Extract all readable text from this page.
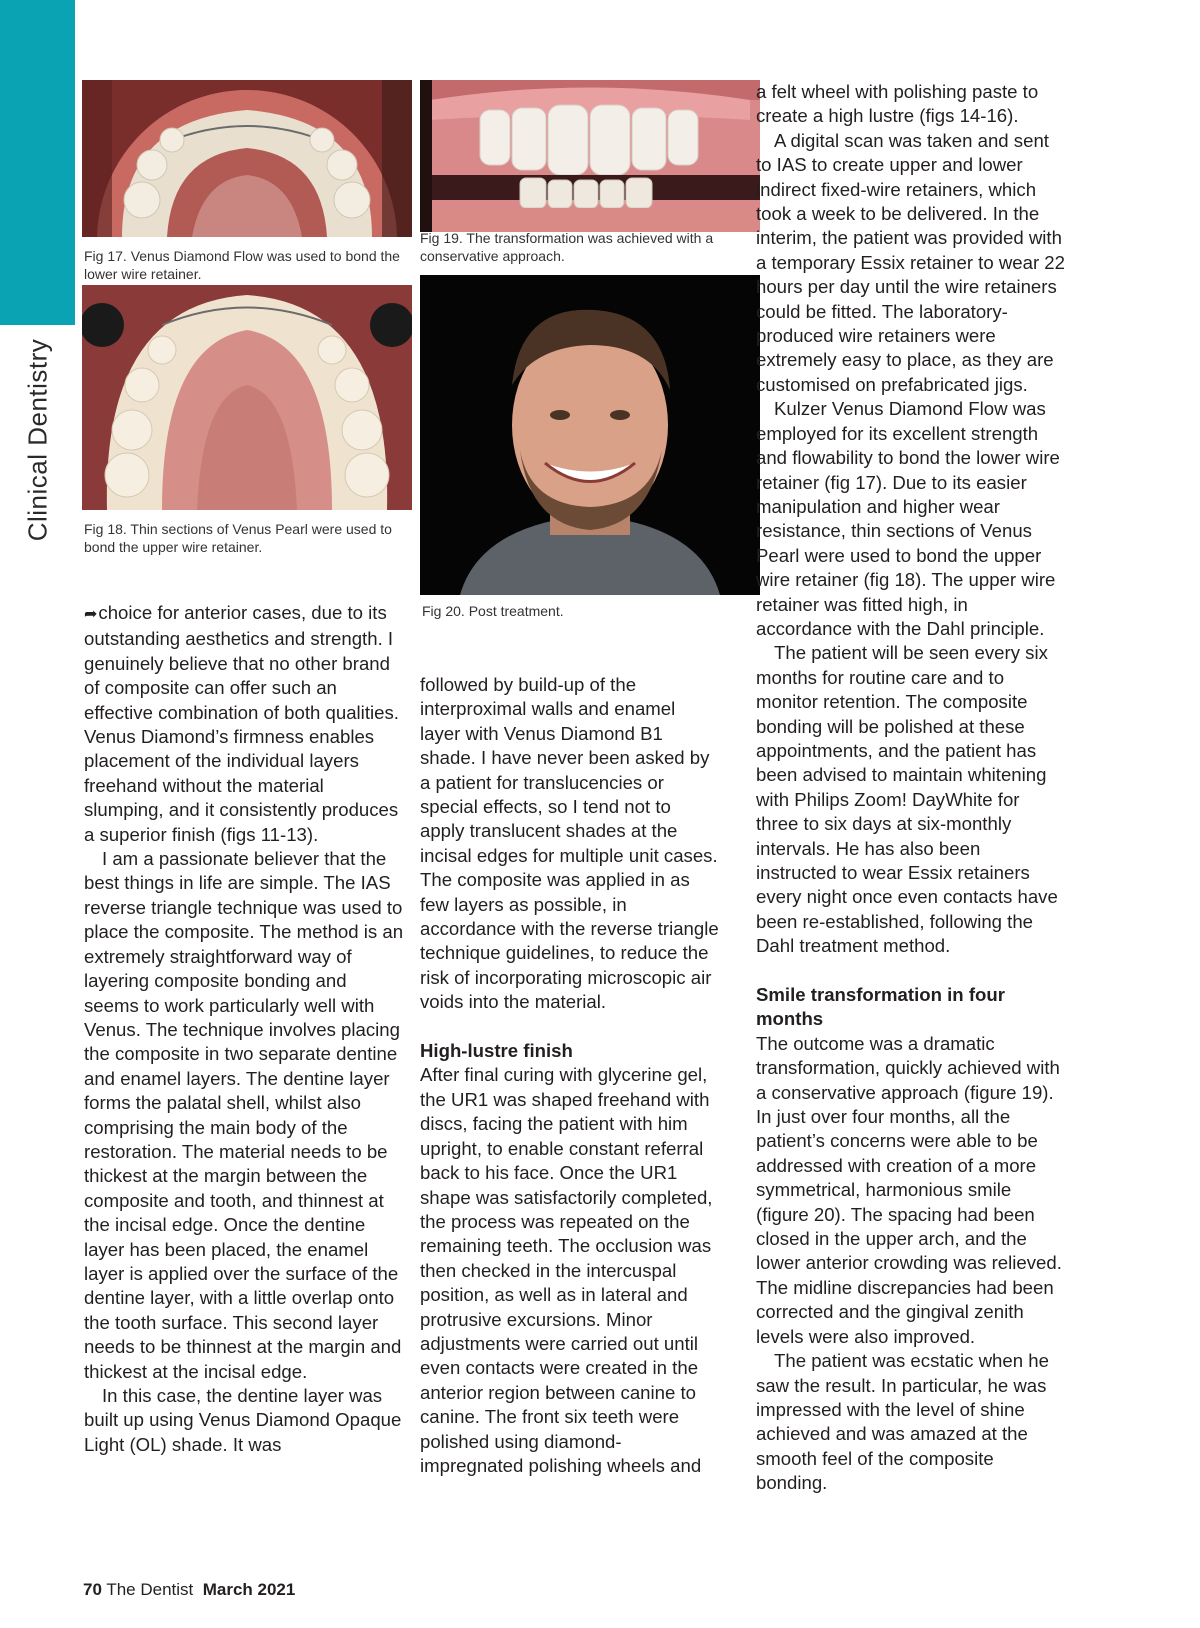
Clinical Dentistry
Fig 17. Venus Diamond Flow was used to bond the lower wire retainer.
Fig 18. Thin sections of Venus Pearl were used to bond the upper wire retainer.
Fig 19. The transformation was achieved with a conservative approach.
Fig 20. Post treatment.

➦choice for anterior cases, due to its outstanding aesthetics and strength. I genuinely believe that no other brand of composite can offer such an effective combination of both qualities. Venus Diamond’s firmness enables placement of the individual layers freehand without the material slumping, and it consistently produces a superior finish (figs 11-13).

I am a passionate believer that the best things in life are simple. The IAS reverse triangle technique was used to place the composite. The method is an extremely straightforward way of layering composite bonding and seems to work particularly well with Venus. The technique involves placing the composite in two separate dentine and enamel layers. The dentine layer forms the palatal shell, whilst also comprising the main body of the restoration. The material needs to be thickest at the margin between the composite and tooth, and thinnest at the incisal edge. Once the dentine layer has been placed, the enamel layer is applied over the surface of the dentine layer, with a little overlap onto the tooth surface. This second layer needs to be thinnest at the margin and thickest at the incisal edge.

In this case, the dentine layer was built up using Venus Diamond Opaque Light (OL) shade. It was

followed by build-up of the interproximal walls and enamel layer with Venus Diamond B1 shade. I have never been asked by a patient for translucencies or special effects, so I tend not to apply translucent shades at the incisal edges for multiple unit cases. The composite was applied in as few layers as possible, in accordance with the reverse triangle technique guidelines, to reduce the risk of incorporating microscopic air voids into the material.

High-lustre finish

After final curing with glycerine gel, the UR1 was shaped freehand with discs, facing the patient with him upright, to enable constant referral back to his face. Once the UR1 shape was satisfactorily completed, the process was repeated on the remaining teeth. The occlusion was then checked in the intercuspal position, as well as in lateral and protrusive excursions. Minor adjustments were carried out until even contacts were created in the anterior region between canine to canine. The front six teeth were polished using diamond-impregnated polishing wheels and

a felt wheel with polishing paste to create a high lustre (figs 14-16).

A digital scan was taken and sent to IAS to create upper and lower indirect fixed-wire retainers, which took a week to be delivered. In the interim, the patient was provided with a temporary Essix retainer to wear 22 hours per day until the wire retainers could be fitted. The laboratory-produced wire retainers were extremely easy to place, as they are customised on prefabricated jigs.

Kulzer Venus Diamond Flow was employed for its excellent strength and flowability to bond the lower wire retainer (fig 17). Due to its easier manipulation and higher wear resistance, thin sections of Venus Pearl were used to bond the upper wire retainer (fig 18). The upper wire retainer was fitted high, in accordance with the Dahl principle.

The patient will be seen every six months for routine care and to monitor retention. The composite bonding will be polished at these appointments, and the patient has been advised to maintain whitening with Philips Zoom! DayWhite for three to six days at six-monthly intervals. He has also been instructed to wear Essix retainers every night once even contacts have been re-established, following the Dahl treatment method.

Smile transformation in four months

The outcome was a dramatic transformation, quickly achieved with a conservative approach (figure 19). In just over four months, all the patient’s concerns were able to be addressed with creation of a more symmetrical, harmonious smile (figure 20). The spacing had been closed in the upper arch, and the lower anterior crowding was relieved. The midline discrepancies had been corrected and the gingival zenith levels were also improved.

The patient was ecstatic when he saw the result. In particular, he was impressed with the level of shine achieved and was amazed at the smooth feel of the composite bonding.

70 The Dentist March 2021
